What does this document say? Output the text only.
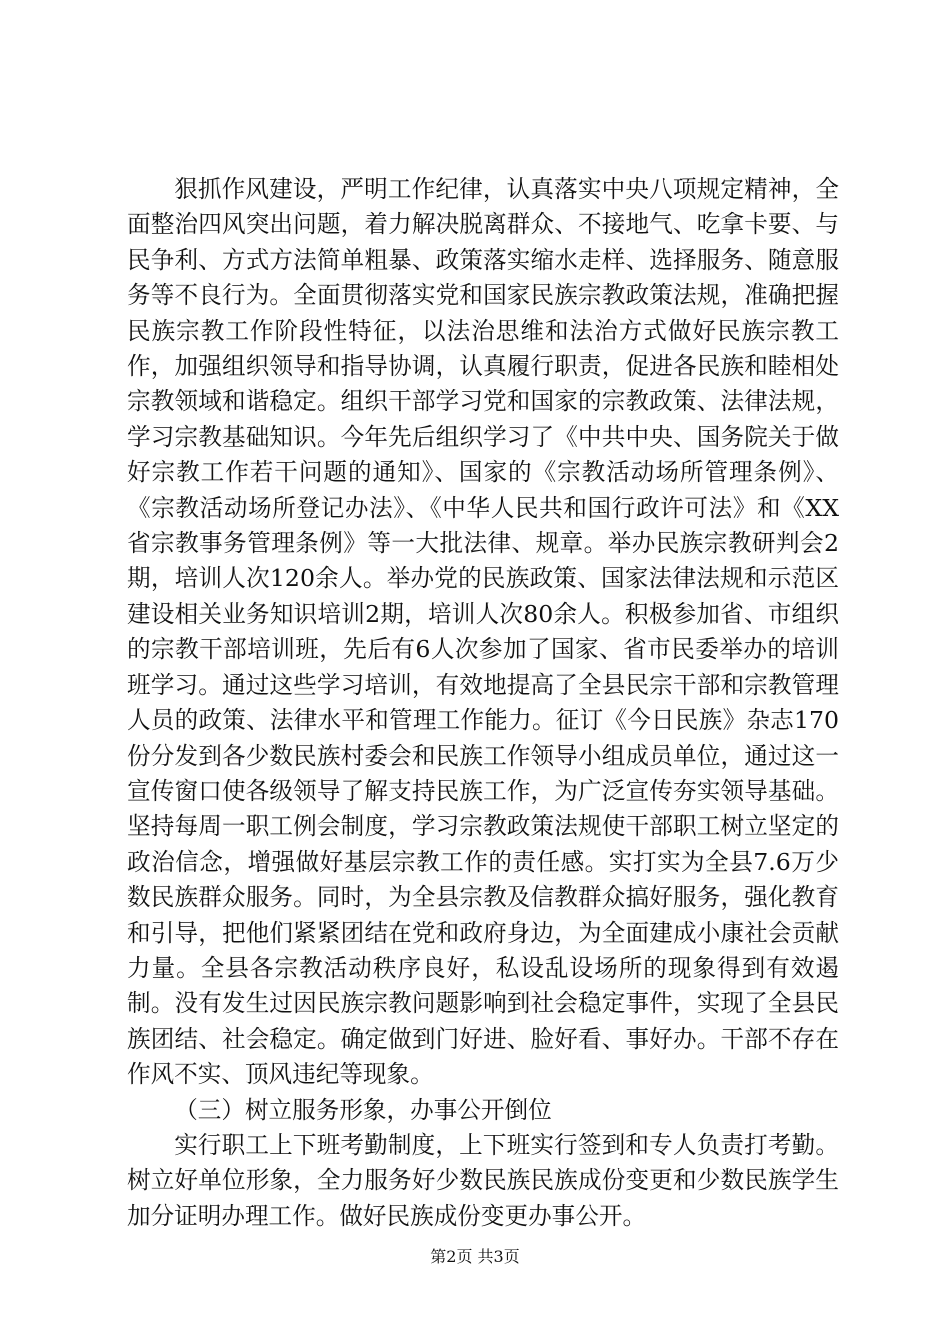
狠抓作风建设，严明工作纪律，认真落实中央八项规定精神，全面整治四风突出问题，着力解决脱离群众、不接地气、吃拿卡要、与民争利、方式方法简单粗暴、政策落实缩水走样、选择服务、随意服务等不良行为。全面贯彻落实党和国家民族宗教政策法规，准确把握民族宗教工作阶段性特征，以法治思维和法治方式做好民族宗教工作，加强组织领导和指导协调，认真履行职责，促进各民族和睦相处宗教领域和谐稳定。组织干部学习党和国家的宗教政策、法律法规，学习宗教基础知识。今年先后组织学习了《中共中央、国务院关于做好宗教工作若干问题的通知》、国家的《宗教活动场所管理条例》、《宗教活动场所登记办法》、《中华人民共和国行政许可法》和《XX省宗教事务管理条例》等一大批法律、规章。举办民族宗教研判会2期，培训人次120余人。举办党的民族政策、国家法律法规和示范区建设相关业务知识培训2期，培训人次80余人。积极参加省、市组织的宗教干部培训班，先后有6人次参加了国家、省市民委举办的培训班学习。通过这些学习培训，有效地提高了全县民宗干部和宗教管理人员的政策、法律水平和管理工作能力。征订《今日民族》杂志170份分发到各少数民族村委会和民族工作领导小组成员单位，通过这一宣传窗口使各级领导了解支持民族工作，为广泛宣传夯实领导基础。坚持每周一职工例会制度，学习宗教政策法规使干部职工树立坚定的政治信念，增强做好基层宗教工作的责任感。实打实为全县7.6万少数民族群众服务。同时，为全县宗教及信教群众搞好服务，强化教育和引导，把他们紧紧团结在党和政府身边，为全面建成小康社会贡献力量。全县各宗教活动秩序良好，私设乱设场所的现象得到有效遏制。没有发生过因民族宗教问题影响到社会稳定事件，实现了全县民族团结、社会稳定。确定做到门好进、脸好看、事好办。干部不存在作风不实、顶风违纪等现象。

（三）树立服务形象，办事公开倒位

实行职工上下班考勤制度，上下班实行签到和专人负责打考勤。树立好单位形象，全力服务好少数民族民族成份变更和少数民族学生加分证明办理工作。做好民族成份变更办事公开。

第2页 共3页
